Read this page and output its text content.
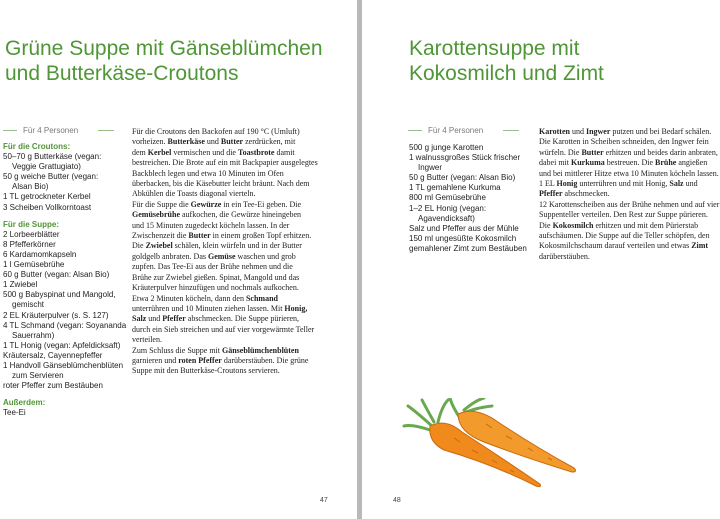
Grüne Suppe mit Gänseblümchen
und Butterkäse-Croutons
Für 4 Personen
Für die Croutons:
50–70 g Butterkäse (vegan:
Veggie Grattugiato)
50 g weiche Butter (vegan:
Alsan Bio)
1 TL getrockneter Kerbel
3 Scheiben Vollkorntoast
Für die Suppe:
2 Lorbeerblätter
8 Pfefferkörner
6 Kardamomkapseln
1 l Gemüsebrühe
60 g Butter (vegan: Alsan Bio)
1 Zwiebel
500 g Babyspinat und Mangold,
gemischt
2 EL Kräuterpulver (s. S. 127)
4 TL Schmand (vegan: Soyananda
Sauerrahm)
1 TL Honig (vegan: Apfeldicksaft)
Kräutersalz, Cayennepfeffer
1 Handvoll Gänseblümchenblüten
zum Servieren
roter Pfeffer zum Bestäuben
Außerdem:
Tee-Ei
Für die Croutons den Backofen auf 190 °C (Umluft)
vorheizen. Butterkäse und Butter zerdrücken, mit
dem Kerbel vermischen und die Toastbrote damit
bestreichen. Die Brote auf ein mit Backpapier ausgelegtes
Backblech legen und etwa 10 Minuten im Ofen
überbacken, bis die Käsebutter leicht bräunt. Nach dem
Abkühlen die Toasts diagonal vierteln.
Für die Suppe die Gewürze in ein Tee-Ei geben. Die
Gemüsebrühe aufkochen, die Gewürze hineingeben
und 15 Minuten zugedeckt köcheln lassen. In der
Zwischenzeit die Butter in einem großen Topf erhitzen.
Die Zwiebel schälen, klein würfeln und in der Butter
goldgelb anbraten. Das Gemüse waschen und grob
zupfen. Das Tee-Ei aus der Brühe nehmen und die
Brühe zur Zwiebel gießen. Spinat, Mangold und das
Kräuterpulver hinzufügen und nochmals aufkochen.
Etwa 2 Minuten köcheln, dann den Schmand
unterrühren und 10 Minuten ziehen lassen. Mit Honig,
Salz und Pfeffer abschmecken. Die Suppe pürieren,
durch ein Sieb streichen und auf vier vorgewärmte Teller
verteilen.
Zum Schluss die Suppe mit Gänseblümchenblüten
garnieren und roten Pfeffer darüberstäuben. Die grüne
Suppe mit den Butterkäse-Croutons servieren.
47
Karottensuppe mit
Kokosmilch und Zimt
Für 4 Personen
500 g junge Karotten
1 walnussgroßes Stück frischer
Ingwer
50 g Butter (vegan: Alsan Bio)
1 TL gemahlene Kurkuma
800 ml Gemüsebrühe
1–2 EL Honig (vegan:
Agavendicksaft)
Salz und Pfeffer aus der Mühle
150 ml ungesüßte Kokosmilch
gemahlener Zimt zum Bestäuben
Karotten und Ingwer putzen und bei Bedarf schälen.
Die Karotten in Scheiben schneiden, den Ingwer fein
würfeln. Die Butter erhitzen und beides darin anbraten,
dabei mit Kurkuma bestreuen. Die Brühe angießen
und bei mittlerer Hitze etwa 10 Minuten köcheln lassen.
1 EL Honig unterrühren und mit Honig, Salz und
Pfeffer abschmecken.
12 Karottenscheiben aus der Brühe nehmen und auf vier
Suppenteller verteilen. Den Rest zur Suppe pürieren.
Die Kokosmilch erhitzen und mit dem Pürierstab
aufschäumen. Die Suppe auf die Teller schöpfen, den
Kokosmilchschaum darauf verteilen und etwas Zimt
darüberstäuben.
48
